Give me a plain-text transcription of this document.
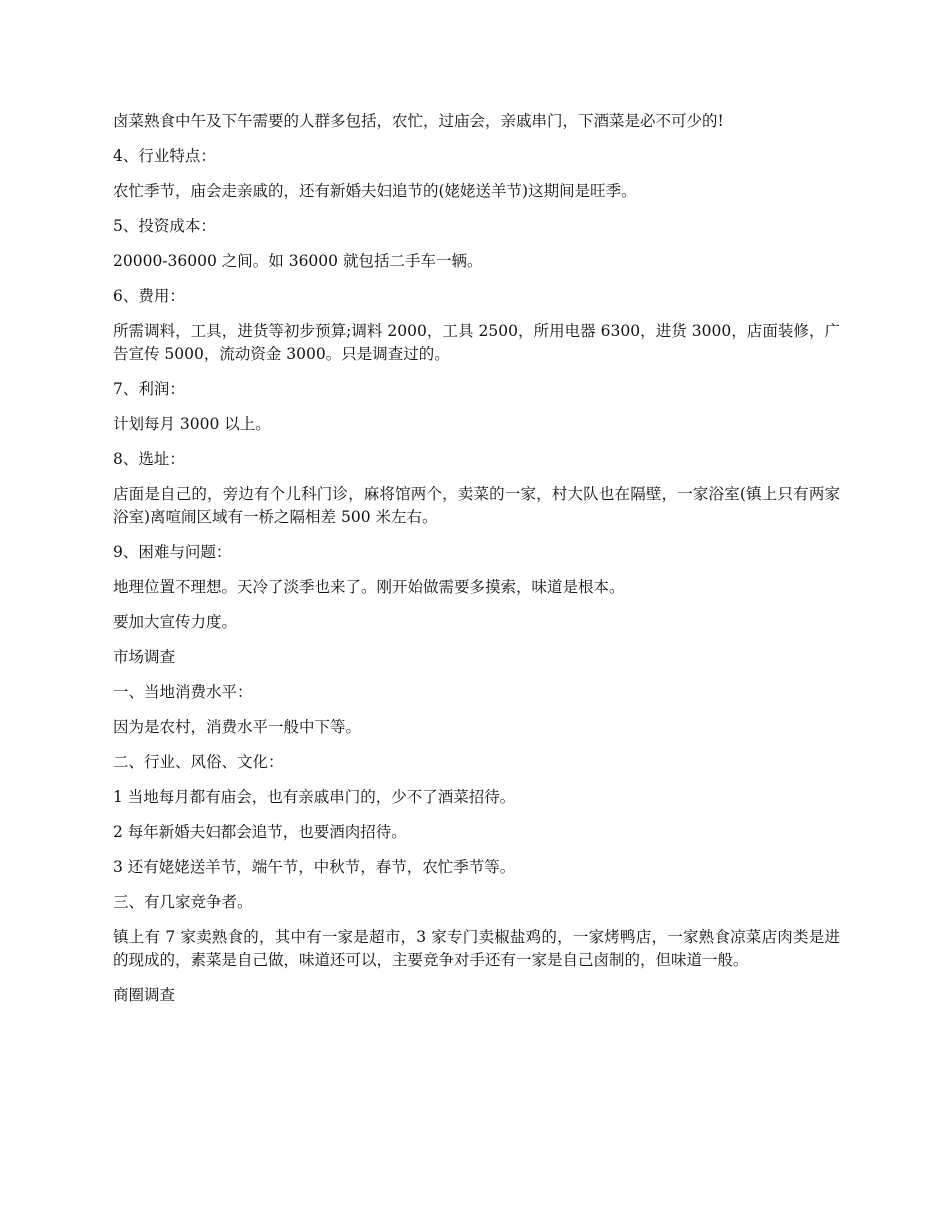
卤菜熟食中午及下午需要的人群多包括，农忙，过庙会，亲戚串门，下酒菜是必不可少的!

4、行业特点：

农忙季节，庙会走亲戚的，还有新婚夫妇追节的(姥姥送羊节)这期间是旺季。

5、投资成本：

20000-36000 之间。如 36000 就包括二手车一辆。

6、费用：

所需调料，工具，进货等初步预算;调料 2000，工具 2500，所用电器 6300，进货 3000，店面装修，广告宣传 5000，流动资金 3000。只是调查过的。

7、利润：

计划每月 3000 以上。

8、选址：

店面是自己的，旁边有个儿科门诊，麻将馆两个，卖菜的一家，村大队也在隔壁，一家浴室(镇上只有两家浴室)离喧闹区域有一桥之隔相差 500 米左右。

9、困难与问题：

地理位置不理想。天冷了淡季也来了。刚开始做需要多摸索，味道是根本。

要加大宣传力度。

市场调查

一、当地消费水平：

因为是农村，消费水平一般中下等。

二、行业、风俗、文化：

1 当地每月都有庙会，也有亲戚串门的，少不了酒菜招待。

2 每年新婚夫妇都会追节，也要酒肉招待。

3 还有姥姥送羊节，端午节，中秋节，春节，农忙季节等。

三、有几家竞争者。

镇上有 7 家卖熟食的，其中有一家是超市，3 家专门卖椒盐鸡的，一家烤鸭店，一家熟食凉菜店肉类是进的现成的，素菜是自己做，味道还可以，主要竞争对手还有一家是自己卤制的，但味道一般。

商圈调查
